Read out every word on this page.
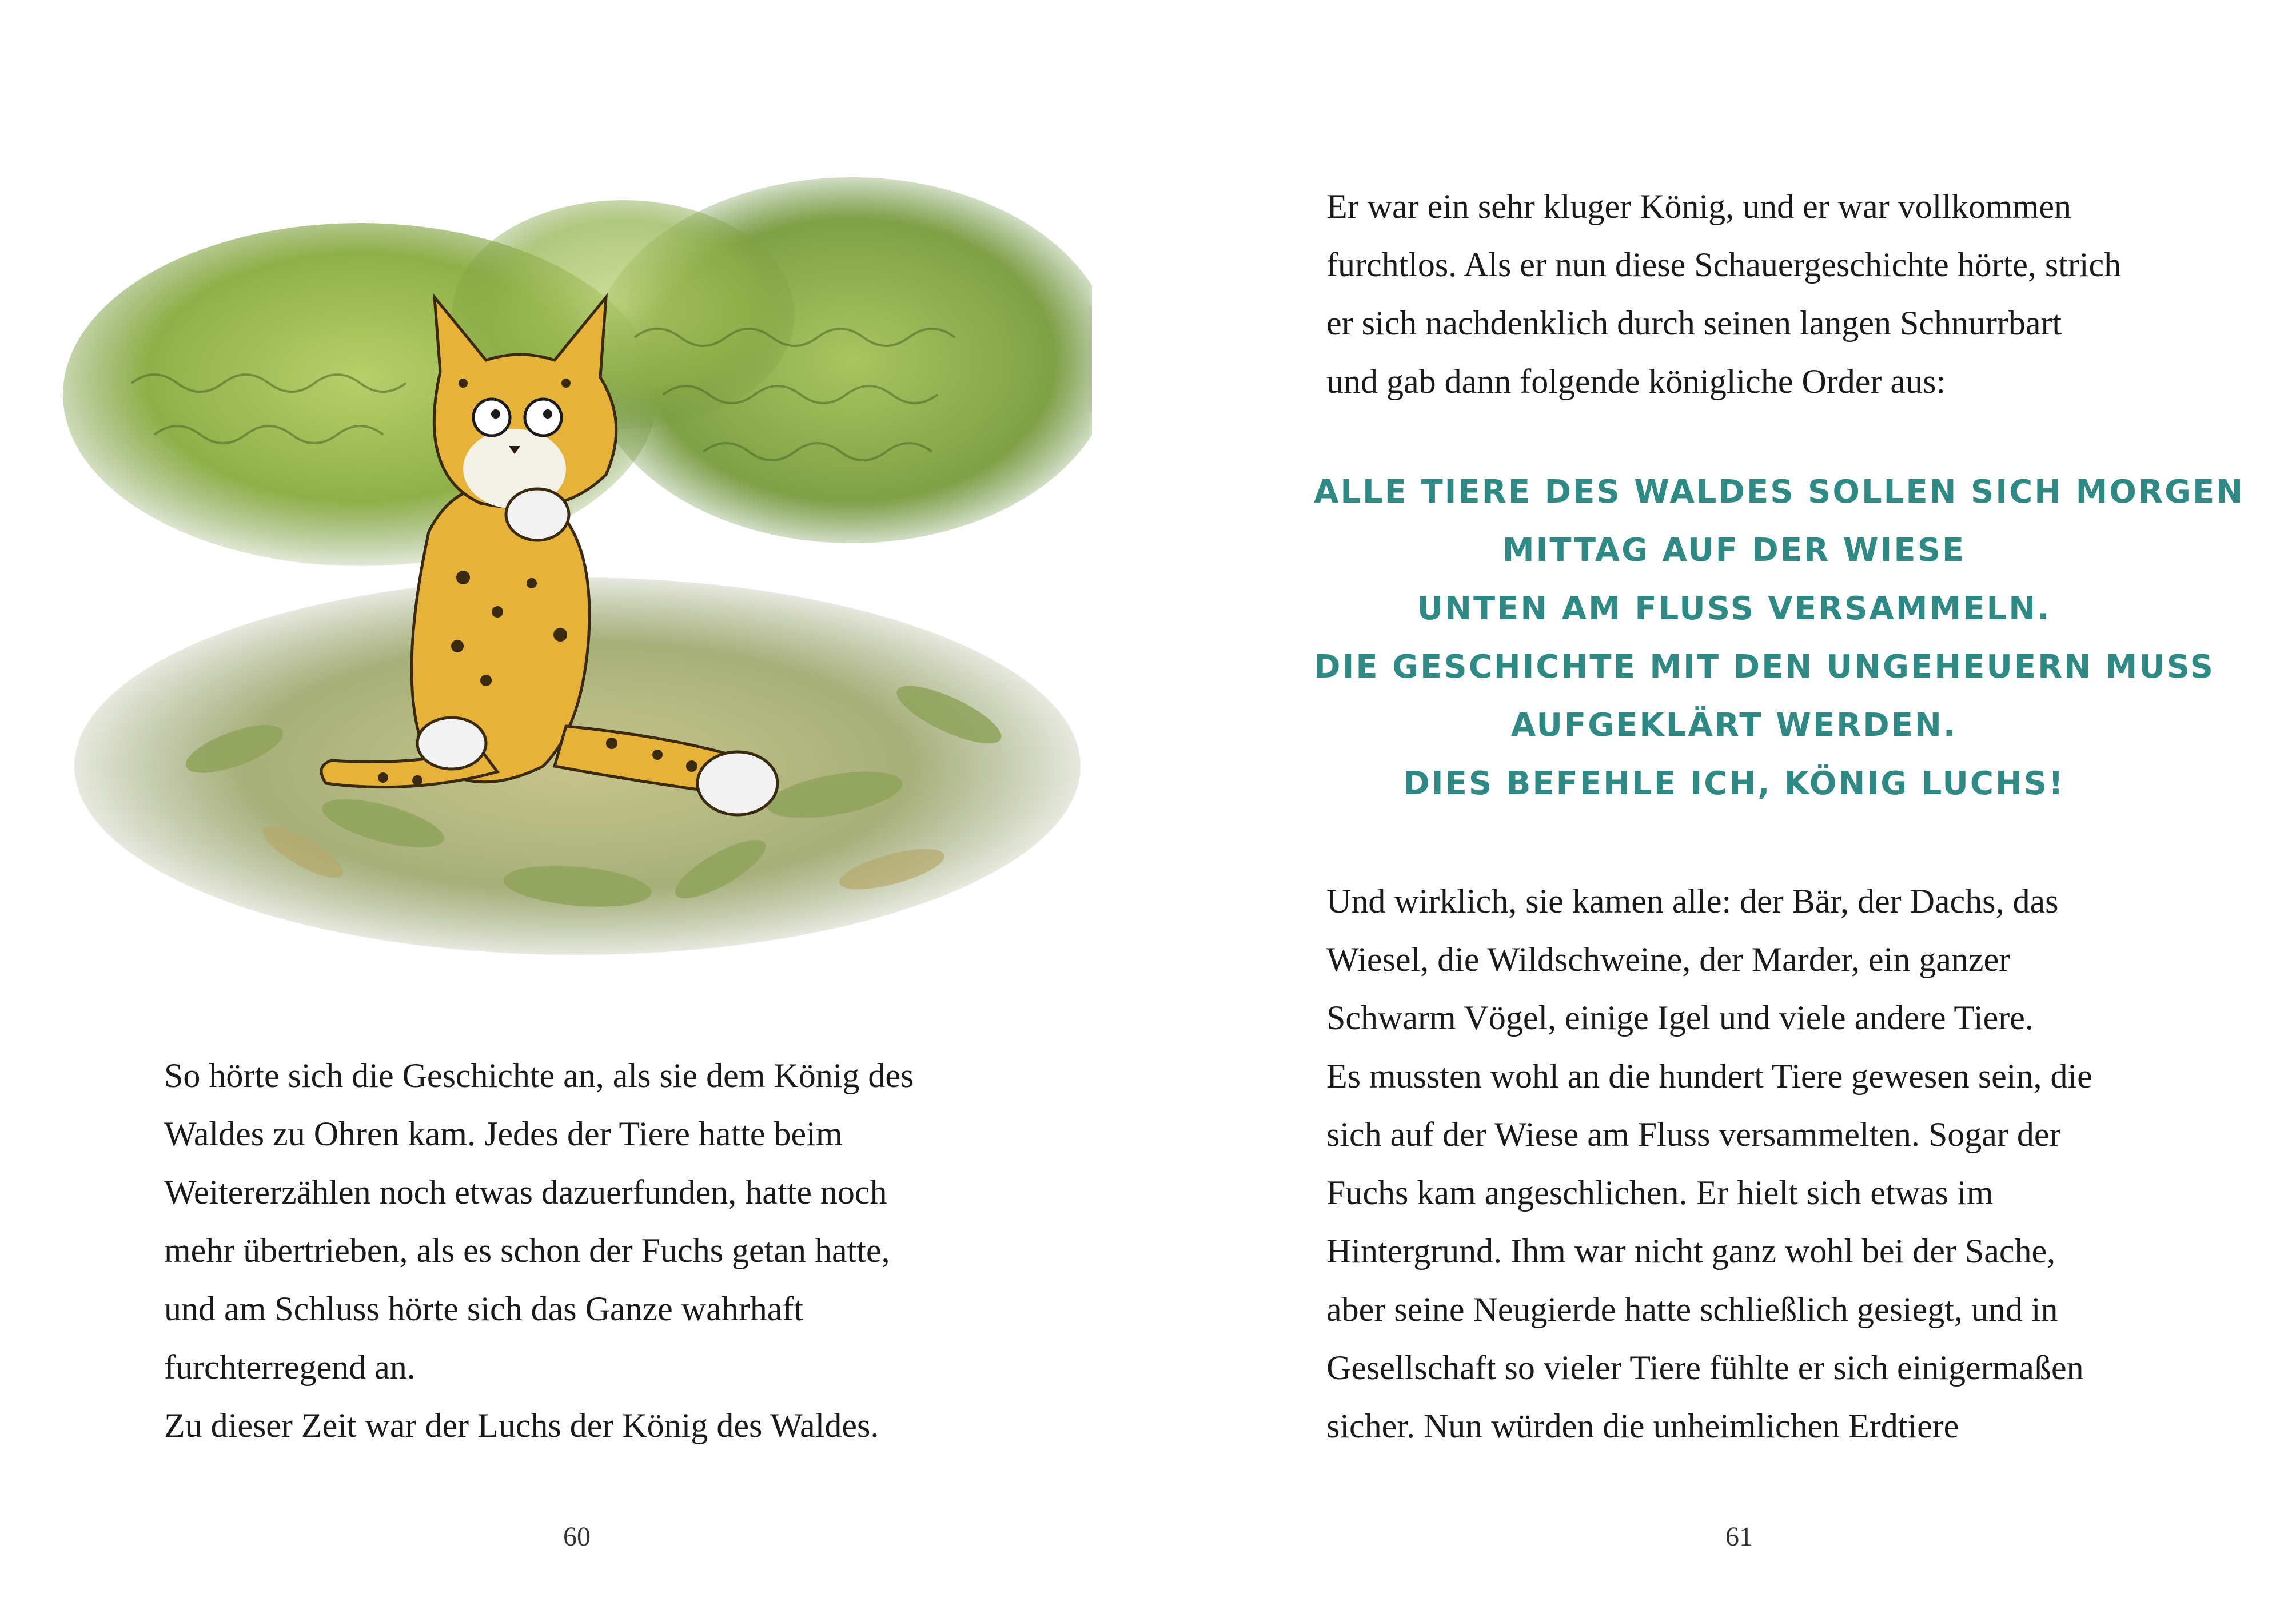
So hörte sich die Geschichte an, als sie dem König des

Waldes zu Ohren kam. Jedes der Tiere hatte beim

Weitererzählen noch etwas dazuerfunden, hatte noch

mehr übertrieben, als es schon der Fuchs getan hatte,

und am Schluss hörte sich das Ganze wahrhaft

furchterregend an.

Zu dieser Zeit war der Luchs der König des Waldes.

60

Er war ein sehr kluger König, und er war vollkommen

furchtlos. Als er nun diese Schauergeschichte hörte, strich

er sich nachdenklich durch seinen langen Schnurrbart

und gab dann folgende königliche Order aus:

ALLE TIERE DES WALDES SOLLEN SICH MORGEN

MITTAG AUF DER WIESE

UNTEN AM FLUSS VERSAMMELN.

DIE GESCHICHTE MIT DEN UNGEHEUERN MUSS

AUFGEKLÄRT WERDEN.

DIES BEFEHLE ICH, KÖNIG LUCHS!

Und wirklich, sie kamen alle: der Bär, der Dachs, das

Wiesel, die Wildschweine, der Marder, ein ganzer

Schwarm Vögel, einige Igel und viele andere Tiere.

Es mussten wohl an die hundert Tiere gewesen sein, die

sich auf der Wiese am Fluss versammelten. Sogar der

Fuchs kam angeschlichen. Er hielt sich etwas im

Hintergrund. Ihm war nicht ganz wohl bei der Sache,

aber seine Neugierde hatte schließlich gesiegt, und in

Gesellschaft so vieler Tiere fühlte er sich einigermaßen

sicher. Nun würden die unheimlichen Erdtiere

61
